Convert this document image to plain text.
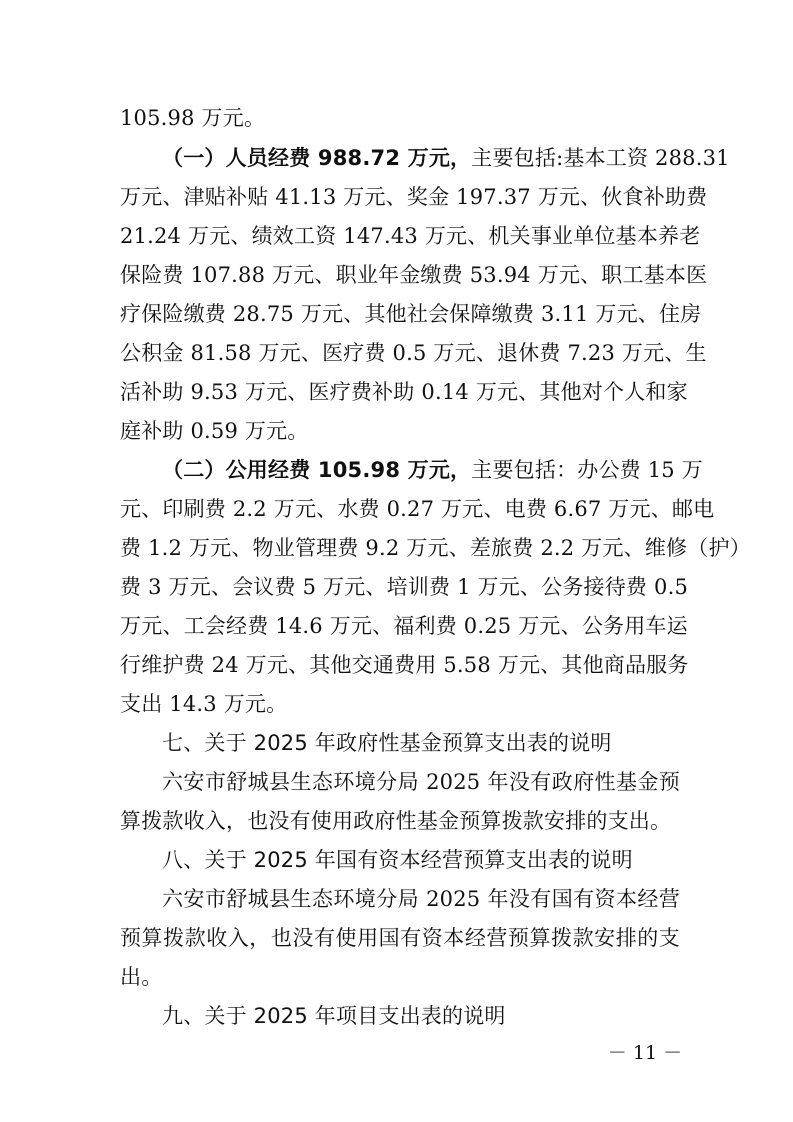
105.98 万元。
（一）人员经费 988.72 万元，主要包括:基本工资 288.31
万元、津贴补贴 41.13 万元、奖金 197.37 万元、伙食补助费
21.24 万元、绩效工资 147.43 万元、机关事业单位基本养老
保险费 107.88 万元、职业年金缴费 53.94 万元、职工基本医
疗保险缴费 28.75 万元、其他社会保障缴费 3.11 万元、住房
公积金 81.58 万元、医疗费 0.5 万元、退休费 7.23 万元、生
活补助 9.53 万元、医疗费补助 0.14 万元、其他对个人和家
庭补助 0.59 万元。
（二）公用经费 105.98 万元，主要包括：办公费 15 万
元、印刷费 2.2 万元、水费 0.27 万元、电费 6.67 万元、邮电
费 1.2 万元、物业管理费 9.2 万元、差旅费 2.2 万元、维修（护）
费 3 万元、会议费 5 万元、培训费 1 万元、公务接待费 0.5
万元、工会经费 14.6 万元、福利费 0.25 万元、公务用车运
行维护费 24 万元、其他交通费用 5.58 万元、其他商品服务
支出 14.3 万元。
七、关于 2025 年政府性基金预算支出表的说明
六安市舒城县生态环境分局 2025 年没有政府性基金预
算拨款收入，也没有使用政府性基金预算拨款安排的支出。
八、关于 2025 年国有资本经营预算支出表的说明
六安市舒城县生态环境分局 2025 年没有国有资本经营
预算拨款收入，也没有使用国有资本经营预算拨款安排的支
出。
九、关于 2025 年项目支出表的说明
－ 11 －
